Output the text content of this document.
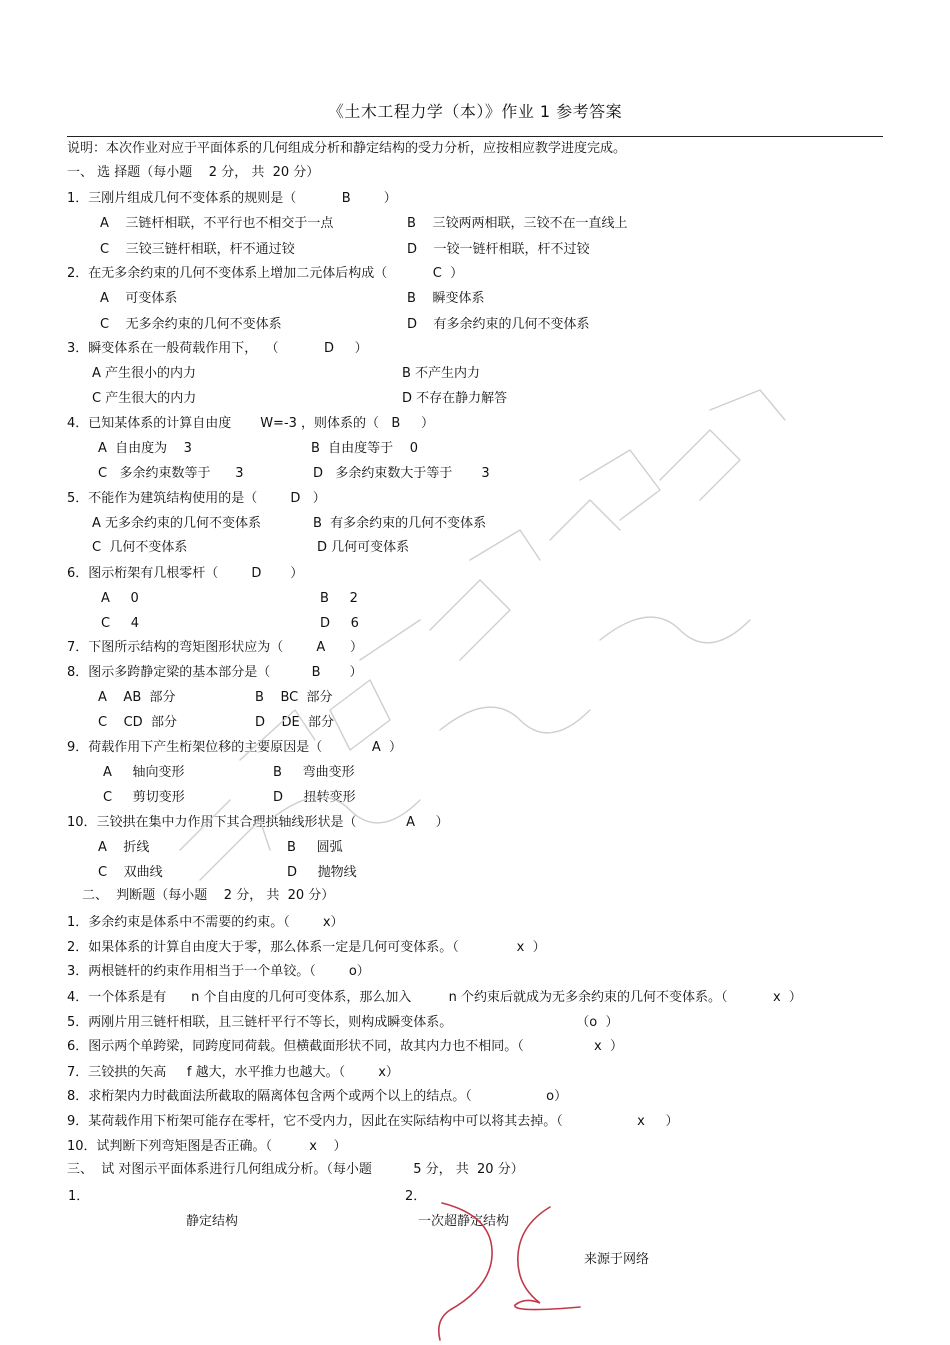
《土木工程力学（本）》作业 1 参考答案
说明：本次作业对应于平面体系的几何组成分析和静定结构的受力分析，应按相应教学进度完成。
一、 选 择题（每小题    2 分， 共  20 分）
1．三刚片组成几何不变体系的规则是（           B        ）
A    三链杆相联，不平行也不相交于一点	B    三铰两两相联，三铰不在一直线上
C    三铰三链杆相联，杆不通过铰	D    一铰一链杆相联，杆不过铰
2．在无多余约束的几何不变体系上增加二元体后构成（           C  ）
A    可变体系	B    瞬变体系
C    无多余约束的几何不变体系	D    有多余约束的几何不变体系
3．瞬变体系在一般荷载作用下，  （           D     ）
A 产生很小的内力	B 不产生内力
C 产生很大的内力	D 不存在静力解答
4．已知某体系的计算自由度       W=-3 ，则体系的（   B     ）
A  自由度为    3	B  自由度等于    0
C   多余约束数等于      3	D   多余约束数大于等于       3
5．不能作为建筑结构使用的是（        D   ）
A 无多余约束的几何不变体系	B  有多余约束的几何不变体系
C  几何不变体系	D 几何可变体系
6．图示桁架有几根零杆（        D       ）
A     0	B     2
C     4	D     6
7．下图所示结构的弯矩图形状应为（        A      ）
8．图示多跨静定梁的基本部分是（          B       ）
A    AB  部分	B    BC  部分
C    CD  部分	D    DE  部分
9．荷载作用下产生桁架位移的主要原因是（            A  ）
A     轴向变形	B     弯曲变形
C     剪切变形	D     扭转变形
10．三铰拱在集中力作用下其合理拱轴线形状是（            A     ）
A    折线	B     圆弧
C    双曲线	D     抛物线
二、  判断题（每小题    2 分， 共  20 分）
1．多余约束是体系中不需要的约束。（        x）
2．如果体系的计算自由度大于零，那么体系一定是几何可变体系。（              x  ）
3．两根链杆的约束作用相当于一个单铰。（        o）
4．一个体系是有      n 个自由度的几何可变体系，那么加入         n 个约束后就成为无多余约束的几何不变体系。（           x  ）
5．两刚片用三链杆相联，且三链杆平行不等长，则构成瞬变体系。                              （o  ）
6．图示两个单跨梁，同跨度同荷载。但横截面形状不同，故其内力也不相同。（                 x  ）
7．三铰拱的矢高     f 越大，水平推力也越大。（        x）
8．求桁架内力时截面法所截取的隔离体包含两个或两个以上的结点。（                  o）
9．某荷载作用下桁架可能存在零杆，它不受内力，因此在实际结构中可以将其去掉。（                  x     ）
10．试判断下列弯矩图是否正确。（         x    ）
三、  试 对图示平面体系进行几何组成分析。（每小题          5 分， 共  20 分）
1．	2．
静定结构	一次超静定结构
来源于网络
